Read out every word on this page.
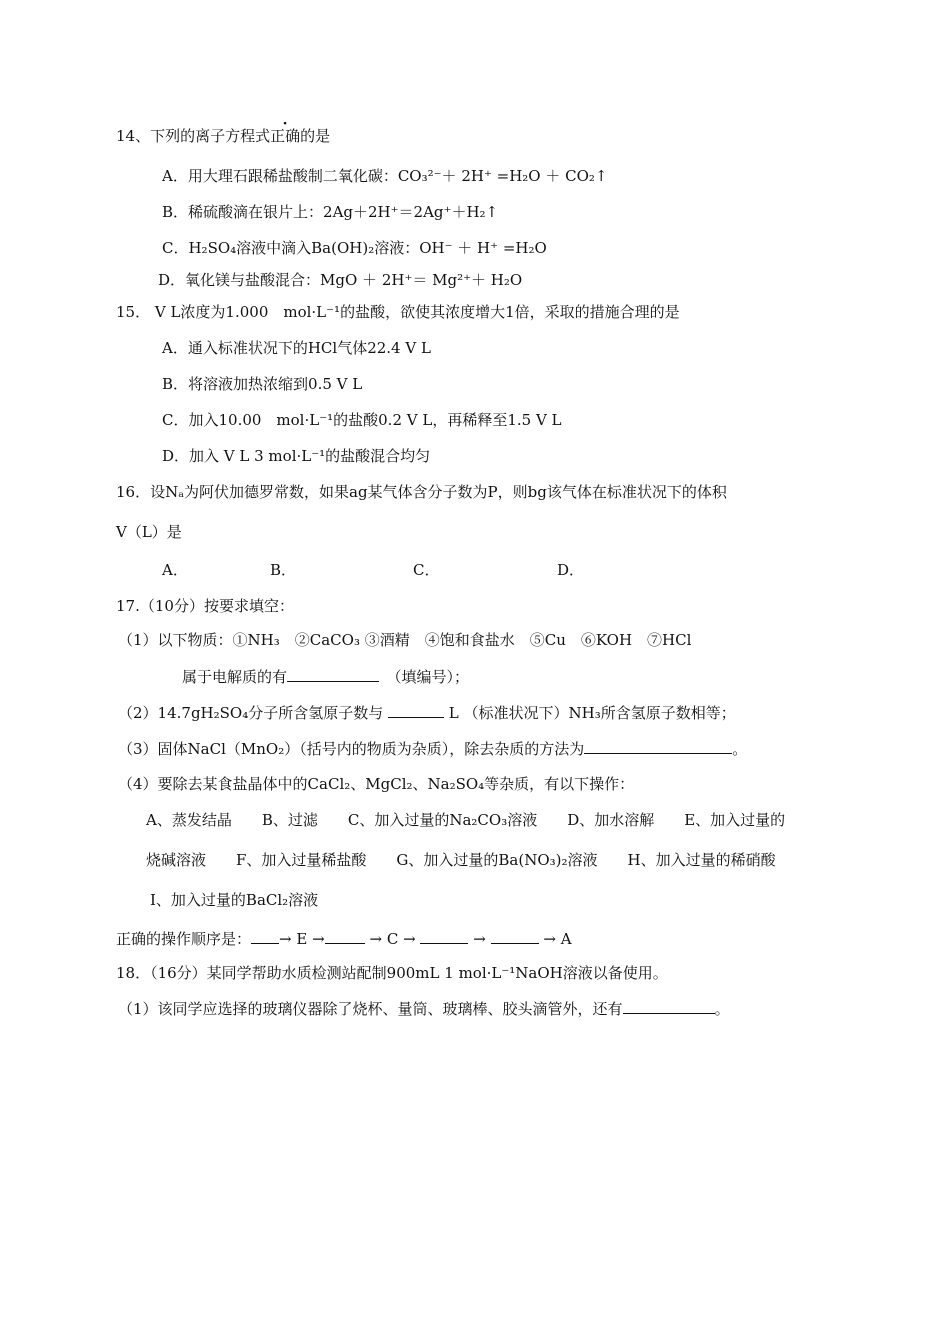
14、下列的离子方程式正确的是
A．用大理石跟稀盐酸制二氧化碳：CO₃²⁻＋ 2H⁺ =H₂O ＋ CO₂↑
B．稀硫酸滴在银片上：2Ag＋2H⁺＝2Ag⁺＋H₂↑
C．H₂SO₄溶液中滴入Ba(OH)₂溶液：OH⁻ ＋ H⁺ =H₂O
D．氧化镁与盐酸混合：MgO ＋ 2H⁺＝ Mg²⁺＋ H₂O
15． V L浓度为1.000　mol·L⁻¹的盐酸，欲使其浓度增大1倍，采取的措施合理的是
A．通入标准状况下的HCl气体22.4 V L
B．将溶液加热浓缩到0.5 V L
C．加入10.00　mol·L⁻¹的盐酸0.2 V L，再稀释至1.5 V L
D．加入 V L 3 mol·L⁻¹的盐酸混合均匀
16．设Nₐ为阿伏加德罗常数，如果ag某气体含分子数为P，则bg该气体在标准状况下的体积
V（L）是
A．	B．	C．	D．
17.（10分）按要求填空：
（1）以下物质：①NH₃　②CaCO₃ ③酒精　④饱和食盐水　⑤Cu　⑥KOH　⑦HCl
属于电解质的有　	（填编号）；
（2）14.7gH₂SO₄分子所含氢原子数与	L （标准状况下）NH₃所含氢原子数相等；
（3）固体NaCl（MnO₂）（括号内的物质为杂质），除去杂质的方法为	。
（4）要除去某食盐晶体中的CaCl₂、MgCl₂、Na₂SO₄等杂质，有以下操作：
A、蒸发结晶　　B、过滤　　C、加入过量的Na₂CO₃溶液　　D、加水溶解　　E、加入过量的
烧碱溶液　　F、加入过量稀盐酸　　G、加入过量的Ba(NO₃)₂溶液　　H、加入过量的稀硝酸
I、加入过量的BaCl₂溶液
正确的操作顺序是： → E →	→ C →	→	→ A
18．（16分）某同学帮助水质检测站配制900mL 1 mol·L⁻¹NaOH溶液以备使用。
（1）该同学应选择的玻璃仪器除了烧杯、量筒、玻璃棒、胶头滴管外，还有	。
